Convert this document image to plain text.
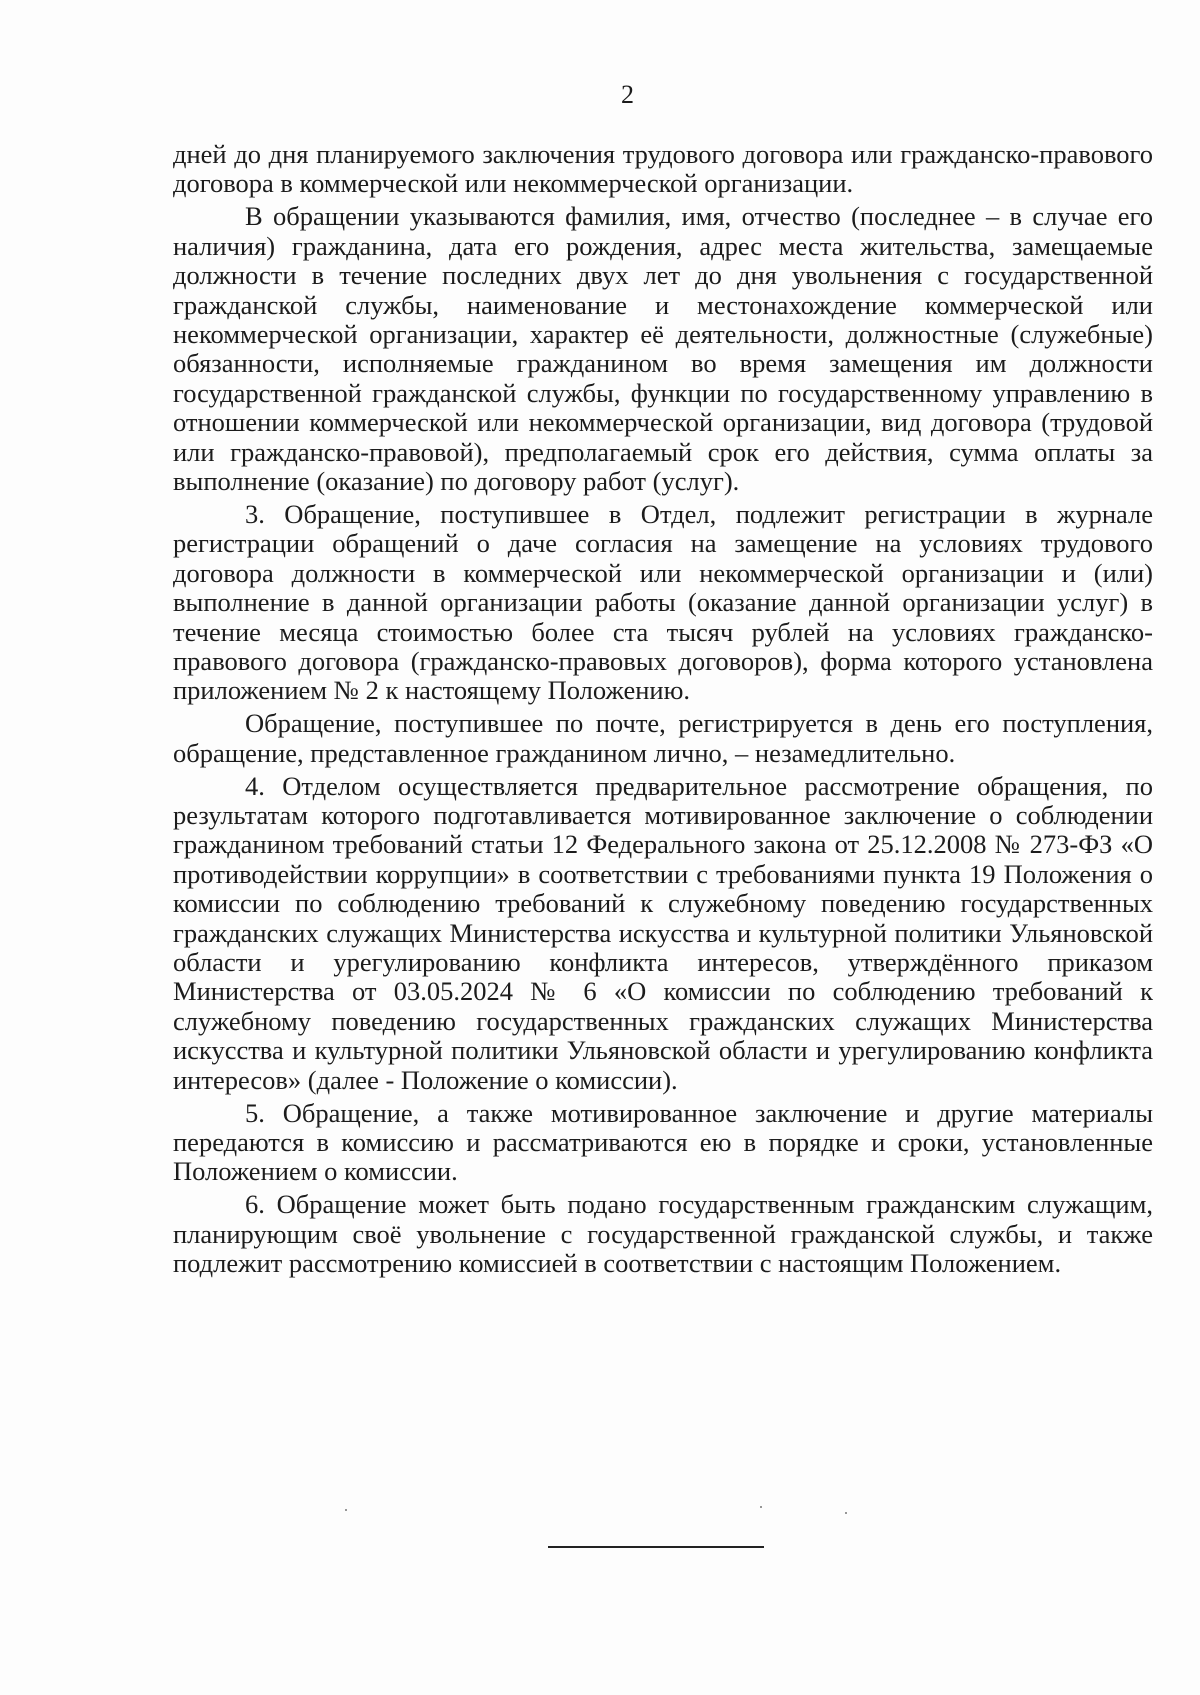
2

дней до дня планируемого заключения трудового договора или гражданско-правового договора в коммерческой или некоммерческой организации.

В обращении указываются фамилия, имя, отчество (последнее – в случае его наличия) гражданина, дата его рождения, адрес места жительства, замещаемые должности в течение последних двух лет до дня увольнения с государственной гражданской службы, наименование и местонахождение коммерческой или некоммерческой организации, характер её деятельности, должностные (служебные) обязанности, исполняемые гражданином во время замещения им должности государственной гражданской службы, функции по государственному управлению в отношении коммерческой или некоммерческой организации, вид договора (трудовой или гражданско-правовой), предполагаемый срок его действия, сумма оплаты за выполнение (оказание) по договору работ (услуг).

3. Обращение, поступившее в Отдел, подлежит регистрации в журнале регистрации обращений о даче согласия на замещение на условиях трудового договора должности в коммерческой или некоммерческой организации и (или) выполнение в данной организации работы (оказание данной организации услуг) в течение месяца стоимостью более ста тысяч рублей на условиях гражданско-правового договора (гражданско-правовых договоров), форма которого установлена приложением № 2 к настоящему Положению.

Обращение, поступившее по почте, регистрируется в день его поступления, обращение, представленное гражданином лично, – незамедлительно.

4. Отделом осуществляется предварительное рассмотрение обращения, по результатам которого подготавливается мотивированное заключение о соблюдении гражданином требований статьи 12 Федерального закона от 25.12.2008 № 273-ФЗ «О противодействии коррупции» в соответствии с требованиями пункта 19 Положения о комиссии по соблюдению требований к служебному поведению государственных гражданских служащих Министерства искусства и культурной политики Ульяновской области и урегулированию конфликта интересов, утверждённого приказом Министерства от 03.05.2024 № 6 «О комиссии по соблюдению требований к служебному поведению государственных гражданских служащих Министерства искусства и культурной политики Ульяновской области и урегулированию конфликта интересов» (далее - Положение о комиссии).

5. Обращение, а также мотивированное заключение и другие материалы передаются в комиссию и рассматриваются ею в порядке и сроки, установленные Положением о комиссии.

6. Обращение может быть подано государственным гражданским служащим, планирующим своё увольнение с государственной гражданской службы, и также подлежит рассмотрению комиссией в соответствии с настоящим Положением.
